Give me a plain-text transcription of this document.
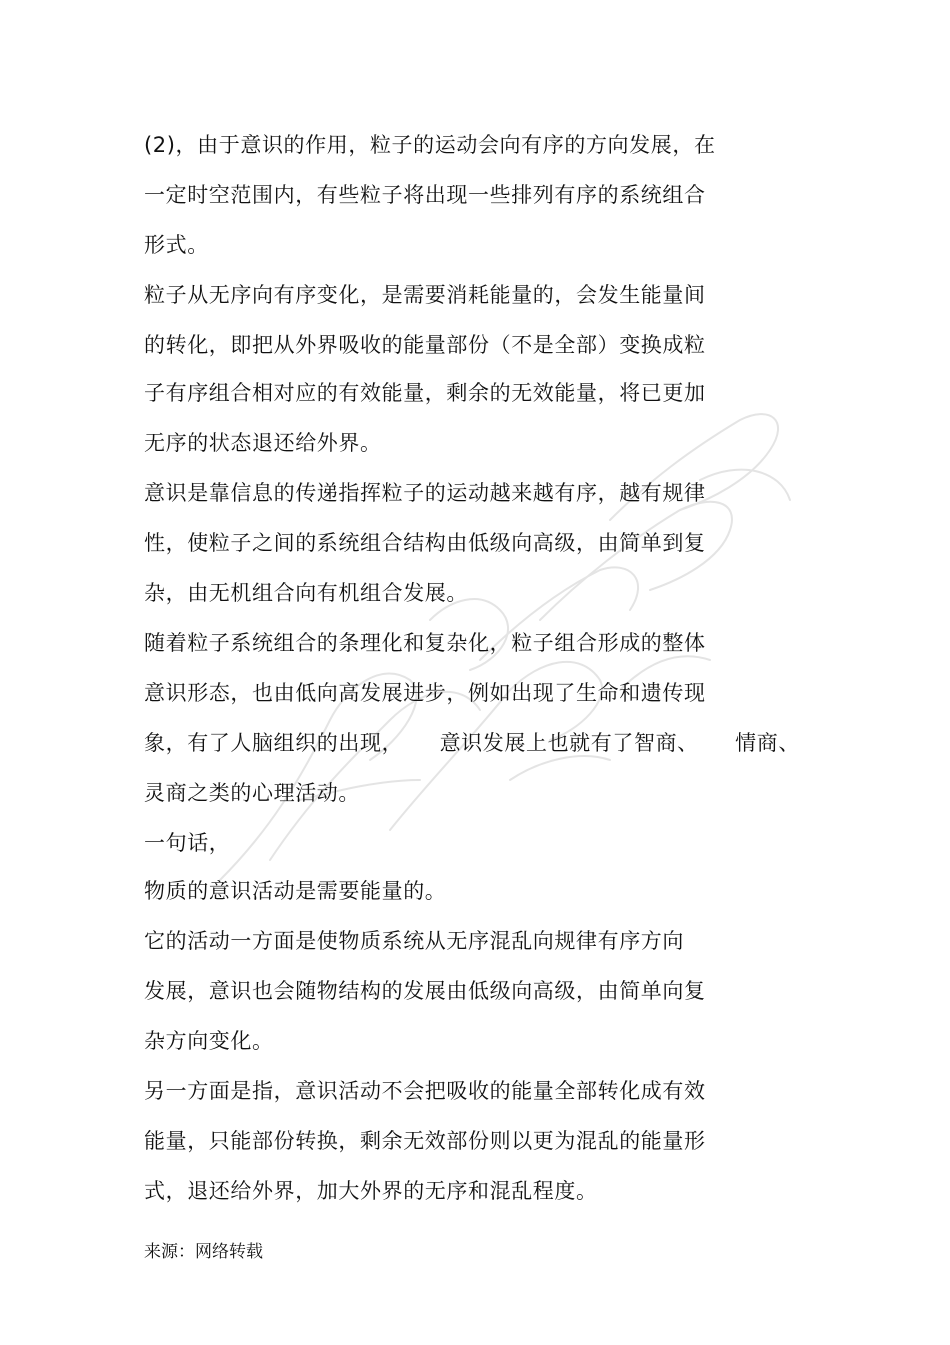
(2)，由于意识的作用，粒子的运动会向有序的方向发展，在
一定时空范围内，有些粒子将出现一些排列有序的系统组合
形式。
粒子从无序向有序变化，是需要消耗能量的，会发生能量间
的转化，即把从外界吸收的能量部份（不是全部）变换成粒
子有序组合相对应的有效能量，剩余的无效能量，将已更加
无序的状态退还给外界。
意识是靠信息的传递指挥粒子的运动越来越有序，越有规律
性，使粒子之间的系统组合结构由低级向高级，由简单到复
杂，由无机组合向有机组合发展。
随着粒子系统组合的条理化和复杂化，粒子组合形成的整体
意识形态，也由低向高发展进步，例如出现了生命和遗传现
象，有了人脑组织的出现，     意识发展上也就有了智商、     情商、
灵商之类的心理活动。
一句话，
物质的意识活动是需要能量的。
它的活动一方面是使物质系统从无序混乱向规律有序方向
发展，意识也会随物结构的发展由低级向高级，由简单向复
杂方向变化。
另一方面是指，意识活动不会把吸收的能量全部转化成有效
能量，只能部份转换，剩余无效部份则以更为混乱的能量形
式，退还给外界，加大外界的无序和混乱程度。
来源：网络转载
